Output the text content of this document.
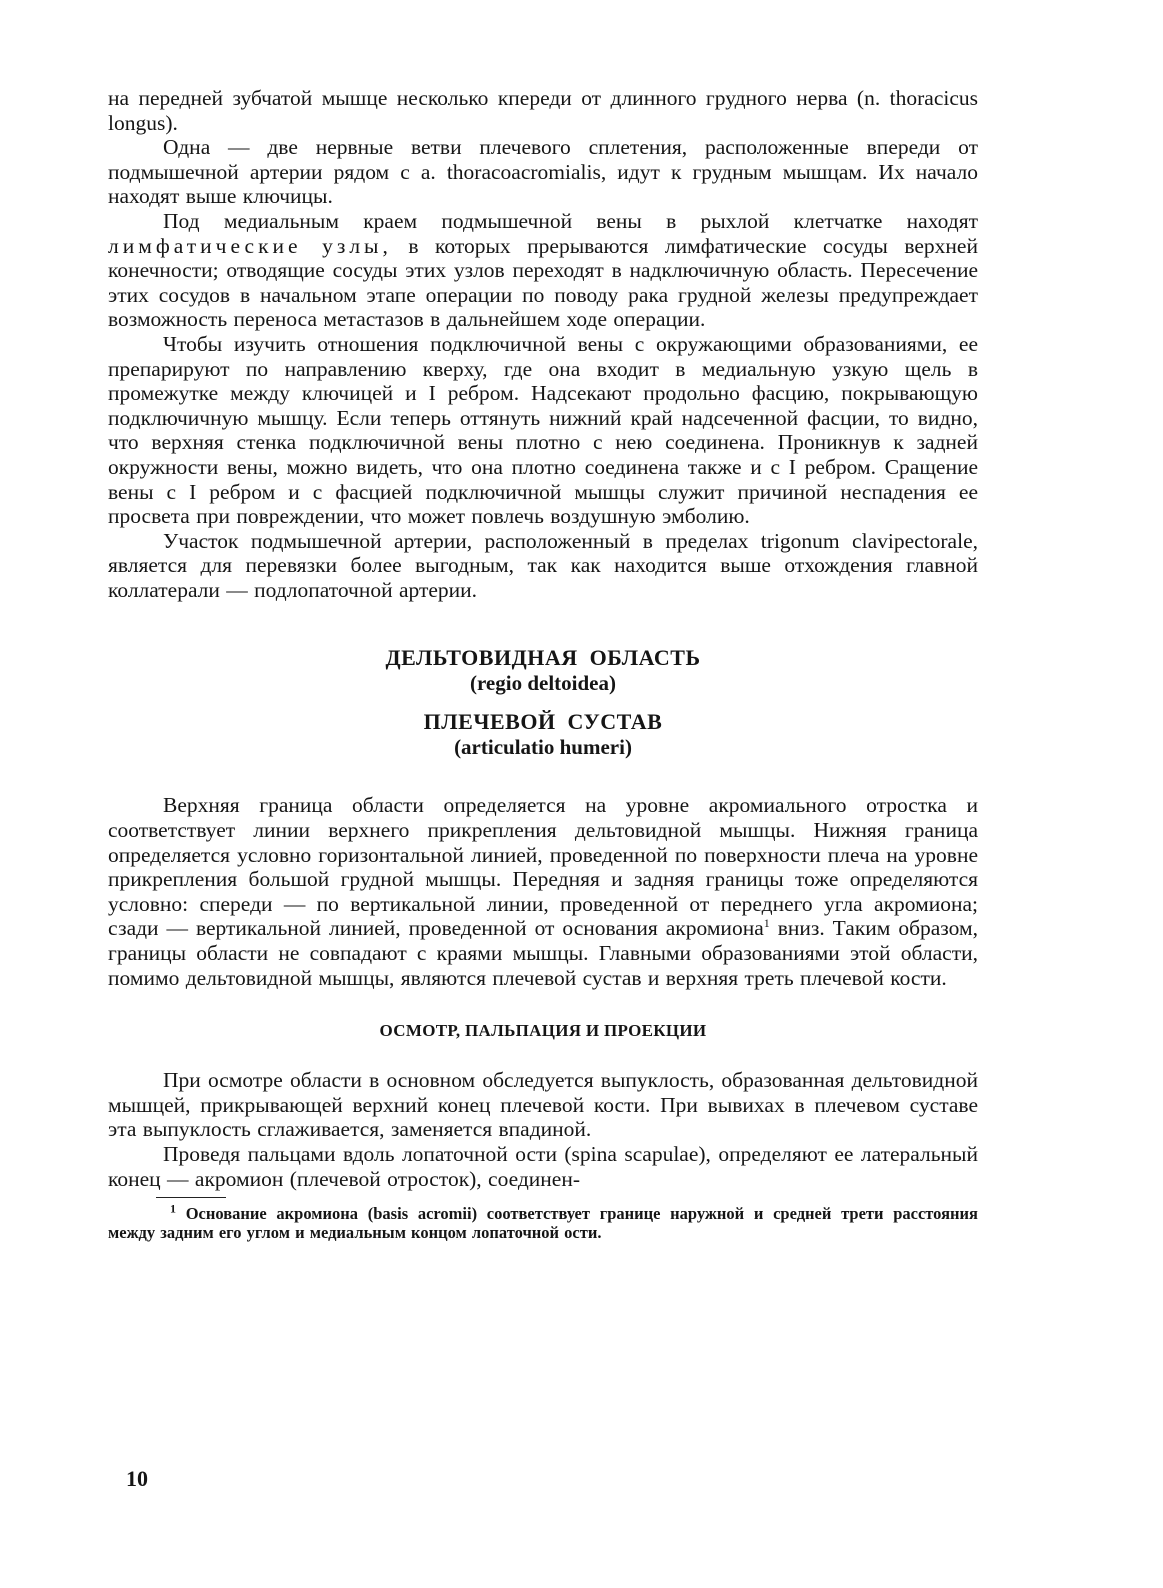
на передней зубчатой мышце несколько кпереди от длинного грудного нерва (n. thoracicus longus).

Одна — две нервные ветви плечевого сплетения, расположенные впереди от подмышечной артерии рядом с a. thoracoacromialis, идут к грудным мышцам. Их начало находят выше ключицы.

Под медиальным краем подмышечной вены в рыхлой клетчатке находят лимфатические узлы, в которых прерываются лимфатические сосуды верхней конечности; отводящие сосуды этих узлов переходят в надключичную область. Пересечение этих сосудов в начальном этапе операции по поводу рака грудной железы предупреждает возможность переноса метастазов в дальнейшем ходе операции.

Чтобы изучить отношения подключичной вены с окружающими образованиями, ее препарируют по направлению кверху, где она входит в медиальную узкую щель в промежутке между ключицей и I ребром. Надсекают продольно фасцию, покрывающую подключичную мышцу. Если теперь оттянуть нижний край надсеченной фасции, то видно, что верхняя стенка подключичной вены плотно с нею соединена. Проникнув к задней окружности вены, можно видеть, что она плотно соединена также и с I ребром. Сращение вены с I ребром и с фасцией подключичной мышцы служит причиной неспадения ее просвета при повреждении, что может повлечь воздушную эмболию.

Участок подмышечной артерии, расположенный в пределах trigonum clavipectorale, является для перевязки более выгодным, так как находится выше отхождения главной коллатерали — подлопаточной артерии.

ДЕЛЬТОВИДНАЯ ОБЛАСТЬ
(regio deltoidea)
ПЛЕЧЕВОЙ СУСТАВ
(articulatio humeri)

Верхняя граница области определяется на уровне акромиального отростка и соответствует линии верхнего прикрепления дельтовидной мышцы. Нижняя граница определяется условно горизонтальной линией, проведенной по поверхности плеча на уровне прикрепления большой грудной мышцы. Передняя и задняя границы тоже определяются условно: спереди — по вертикальной линии, проведенной от переднего угла акромиона; сзади — вертикальной линией, проведенной от основания акромиона$^1$ вниз. Таким образом, границы области не совпадают с краями мышцы. Главными образованиями этой области, помимо дельтовидной мышцы, являются плечевой сустав и верхняя треть плечевой кости.

ОСМОТР, ПАЛЬПАЦИЯ И ПРОЕКЦИИ

При осмотре области в основном обследуется выпуклость, образованная дельтовидной мышцей, прикрывающей верхний конец плечевой кости. При вывихах в плечевом суставе эта выпуклость сглаживается, заменяется впадиной.

Проведя пальцами вдоль лопаточной ости (spina scapulae), определяют ее латеральный конец — акромион (плечевой отросток), соединен-

$^1$ Основание акромиона (basis acromii) соответствует границе наружной и средней трети расстояния между задним его углом и медиальным концом лопаточной ости.

10
